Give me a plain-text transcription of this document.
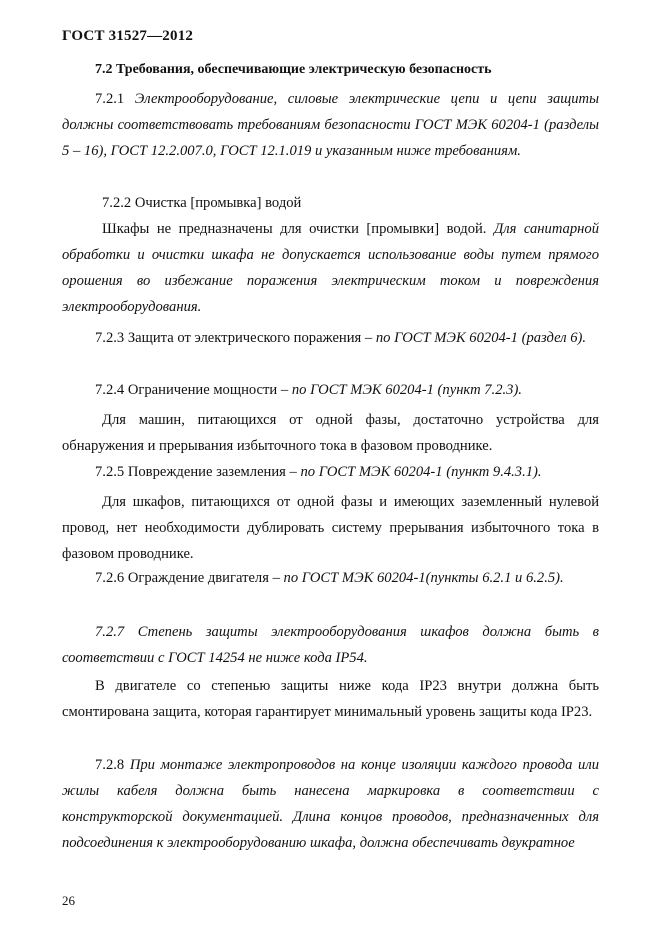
ГОСТ 31527—2012
7.2 Требования, обеспечивающие электрическую безопасность
7.2.1 Электрооборудование, силовые электрические цепи и цепи защиты должны соответствовать требованиям безопасности ГОСТ МЭК 60204-1 (разделы 5 – 16), ГОСТ 12.2.007.0, ГОСТ 12.1.019 и указанным ниже требованиям.
7.2.2 Очистка [промывка] водой
Шкафы не предназначены для очистки [промывки] водой. Для санитарной обработки и очистки шкафа не допускается использование воды путем прямого орошения во избежание поражения электрическим током и повреждения электрооборудования.
7.2.3 Защита от электрического поражения – по ГОСТ МЭК 60204-1 (раздел 6).
7.2.4 Ограничение мощности – по ГОСТ МЭК 60204-1 (пункт 7.2.3).
Для машин, питающихся от одной фазы, достаточно устройства для обнаружения и прерывания избыточного тока в фазовом проводнике.
7.2.5 Повреждение заземления – по ГОСТ МЭК 60204-1 (пункт 9.4.3.1).
Для шкафов, питающихся от одной фазы и имеющих заземленный нулевой провод, нет необходимости дублировать систему прерывания избыточного тока в фазовом проводнике.
7.2.6 Ограждение двигателя – по ГОСТ МЭК 60204-1(пункты 6.2.1 и 6.2.5).
7.2.7 Степень защиты электрооборудования шкафов должна быть в соответствии с ГОСТ 14254 не ниже кода IP54.
В двигателе со степенью защиты ниже кода IP23 внутри должна быть смонтирована защита, которая гарантирует минимальный уровень защиты кода IP23.
7.2.8 При монтаже электропроводов на конце изоляции каждого провода или жилы кабеля должна быть нанесена маркировка в соответствии с конструкторской документацией. Длина концов проводов, предназначенных для подсоединения к электрооборудованию шкафа, должна обеспечивать двукратное
26
